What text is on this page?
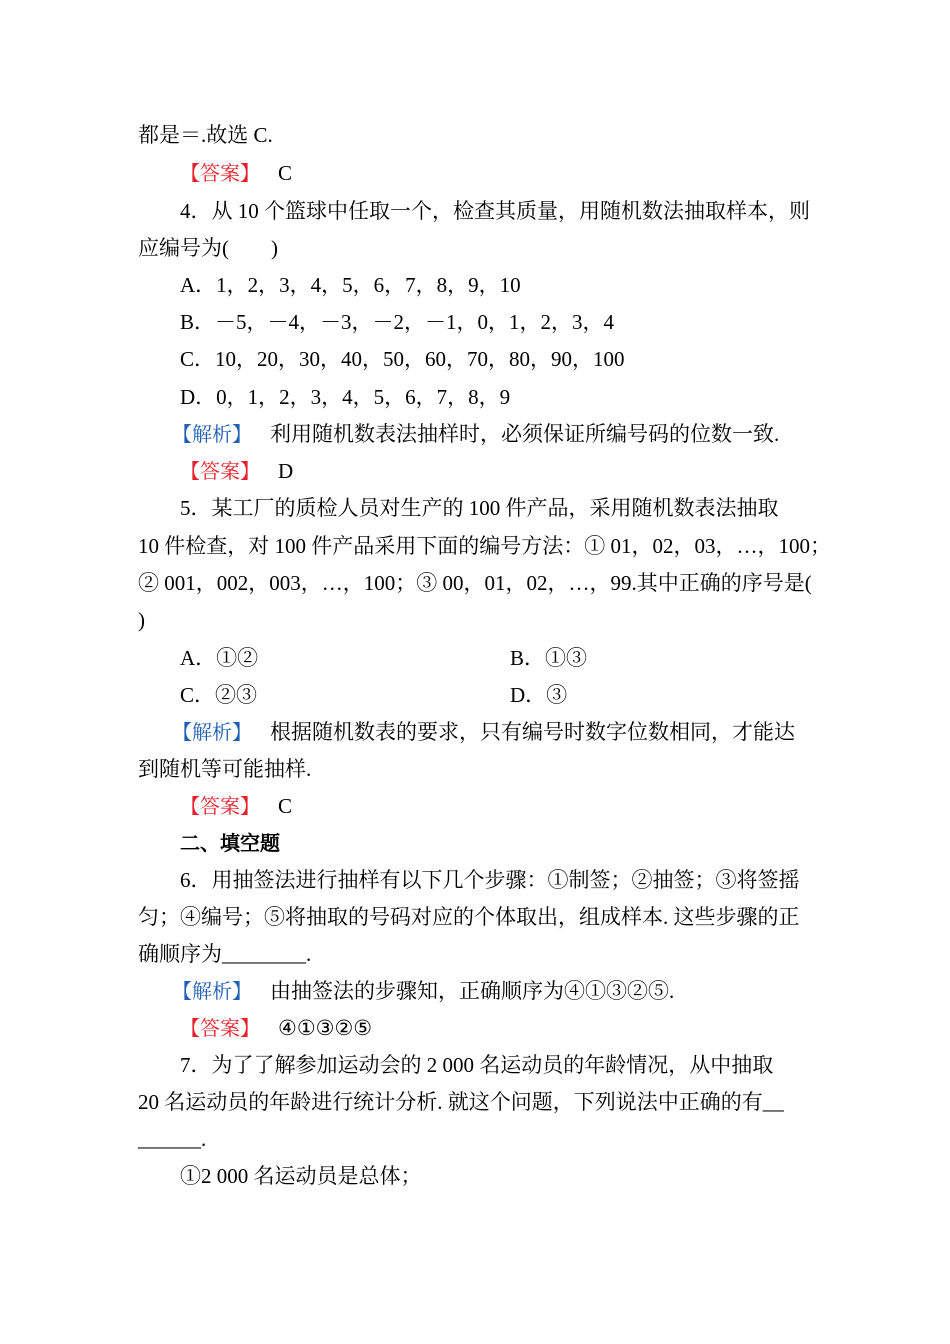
都是＝.故选 C.
【答案】 C
4．从 10 个篮球中任取一个，检查其质量，用随机数法抽取样本，则
应编号为(　　)
A．1，2，3，4，5，6，7，8，9，10
B．－5，－4，－3，－2，－1，0，1，2，3，4
C．10，20，30，40，50，60，70，80，90，100
D．0，1，2，3，4，5，6，7，8，9
【解析】 利用随机数表法抽样时，必须保证所编号码的位数一致.
【答案】 D
5．某工厂的质检人员对生产的 100 件产品，采用随机数表法抽取
10 件检查，对 100 件产品采用下面的编号方法：① 01，02，03，…，100；
② 001，002，003，…，100；③ 00，01，02，…，99.其中正确的序号是(
)
A．①②	B．①③
C．②③	D．③
【解析】 根据随机数表的要求，只有编号时数字位数相同，才能达
到随机等可能抽样.
【答案】 C
二、填空题
6．用抽签法进行抽样有以下几个步骤：①制签；②抽签；③将签摇
匀；④编号；⑤将抽取的号码对应的个体取出，组成样本. 这些步骤的正
确顺序为________.
【解析】 由抽签法的步骤知，正确顺序为④①③②⑤.
【答案】 ④①③②⑤
7．为了了解参加运动会的 2 000 名运动员的年龄情况，从中抽取
20 名运动员的年龄进行统计分析. 就这个问题，下列说法中正确的有__
______.
①2 000 名运动员是总体；
